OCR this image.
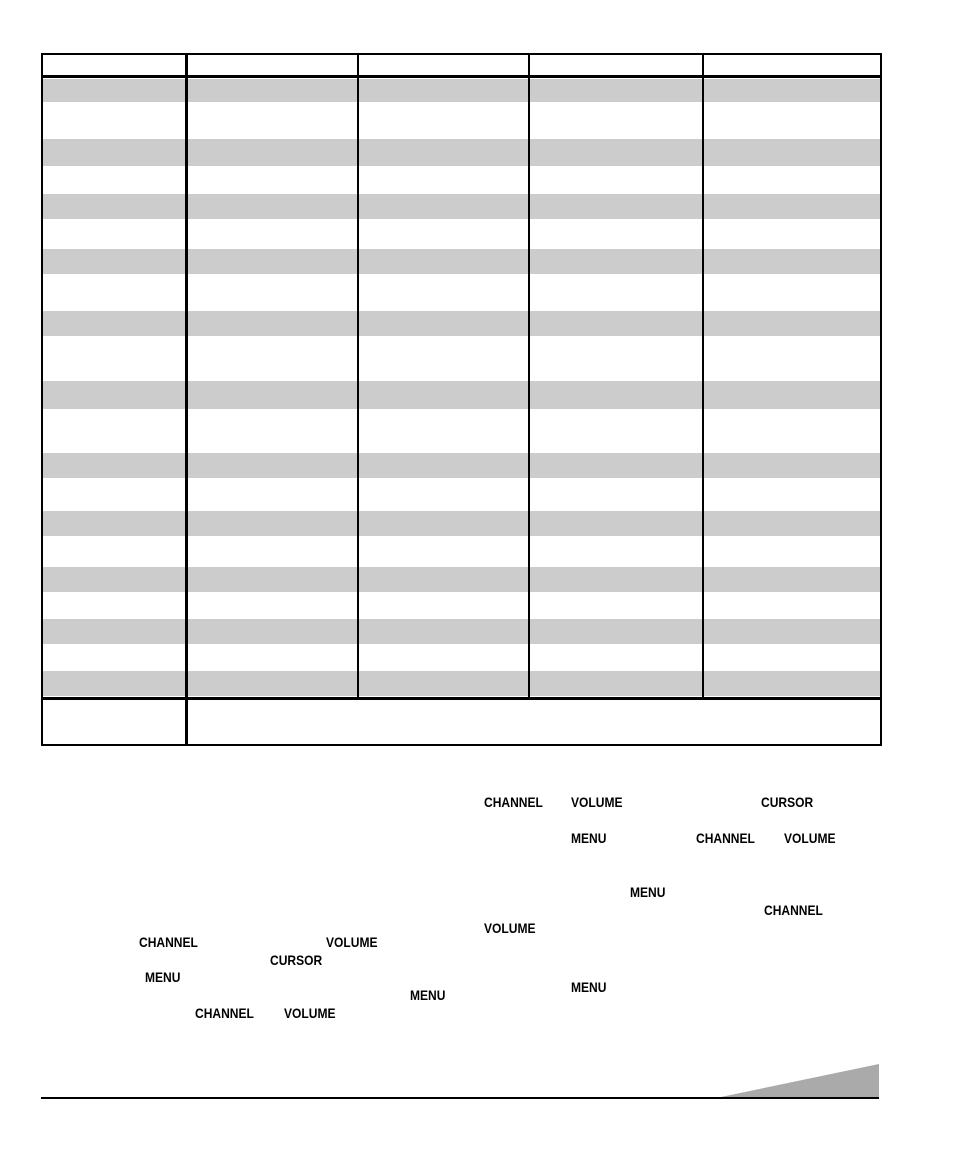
CHANNEL VOLUME	CURSOR
MENU	CHANNEL VOLUME
MENU
CHANNEL
VOLUME
CHANNEL	VOLUME
CURSOR
MENU
MENU
MENU
CHANNEL VOLUME
